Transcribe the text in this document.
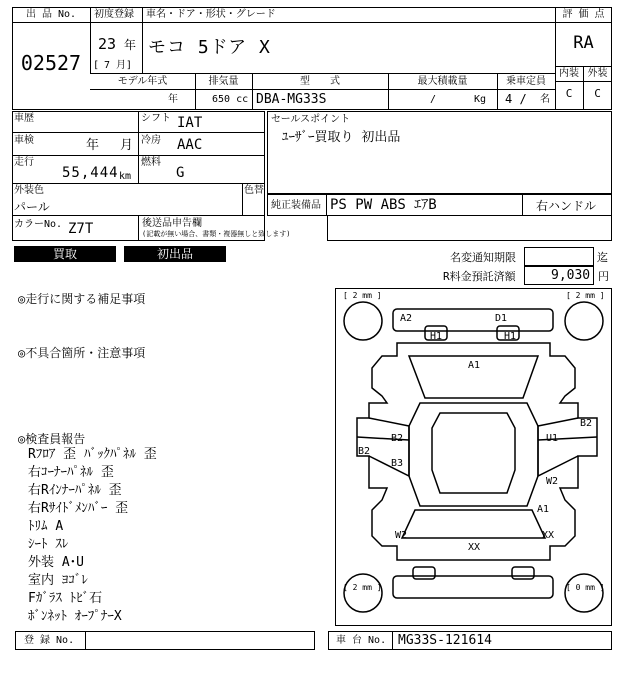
出 品 No.
02527
初度登録 車名・ドア・形状・グレード
23 年
[ 7 月]
モコ 5ドア X
評 価 点
RA
内装 外装
C	C
モデル年式	排気量	型　　式	最大積載量	乗車定員
年	650 cc DBA-MG33S	/	Kg 4 / 名
車歴	シフト IAT
車検	年 月 冷房 AAC
走行
55,444 km
燃料
G
外装色
パール
色替
カラーNo. Z7T	後送品申告欄
(記載が無い場合、書類・複器無しと致します)
セールスポイント
ﾕｰｻﾞｰ買取り 初出品
純正装備品 PS PW ABS ｴｱB	右ハンドル
買取	初出品	名変通知期限	迄
R料金預託済額	9,030 円
◎走行に関する補足事項
◎不具合箇所・注意事項
◎検査員報告
Rﾌﾛｱ 歪 ﾊﾞｯｸﾊﾟﾈﾙ 歪
右ｺｰﾅｰﾊﾟﾈﾙ 歪
右Rｲﾝﾅｰﾊﾟﾈﾙ 歪
右Rｻｲﾄﾞﾒﾝﾊﾞｰ 歪
ﾄﾘﾑ A
ｼｰﾄ ｽﾚ
外装 A･U
室内 ﾖｺﾞﾚ
Fｶﾞﾗｽ ﾄﾋﾞ石
ﾎﾞﾝﾈｯﾄ ｵｰﾌﾟﾅｰX
[ 2 mm ]	[ 2 mm ]
[ 2 mm ]	[ 0 mm ]
A2	D1
H1	H1
A1
B2
B2
B3
U1
B2
W2
A1
XX
W2
XX
登 録 No.	車 台 No. MG33S-121614
